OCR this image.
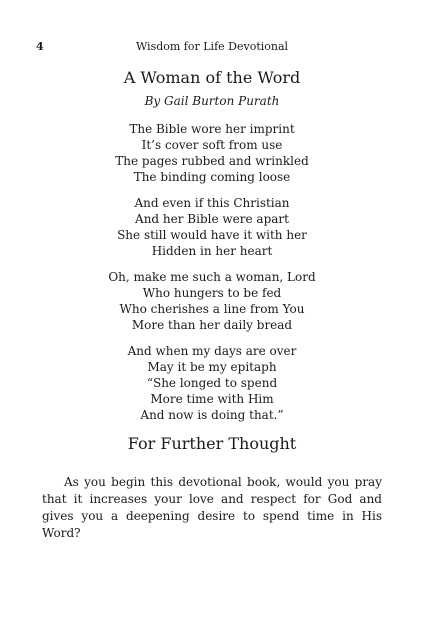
4	Wisdom for Life Devotional
A Woman of the Word
By Gail Burton Purath
The Bible wore her imprint
It’s cover soft from use
The pages rubbed and wrinkled
The binding coming loose
And even if this Christian
And her Bible were apart
She still would have it with her
Hidden in her heart
Oh, make me such a woman, Lord
Who hungers to be fed
Who cherishes a line from You
More than her daily bread
And when my days are over
May it be my epitaph
“She longed to spend
More time with Him
And now is doing that.”
For Further Thought

As you begin this devotional book, would you pray that it increases your love and respect for God and gives you a deepening desire to spend time in His Word?
